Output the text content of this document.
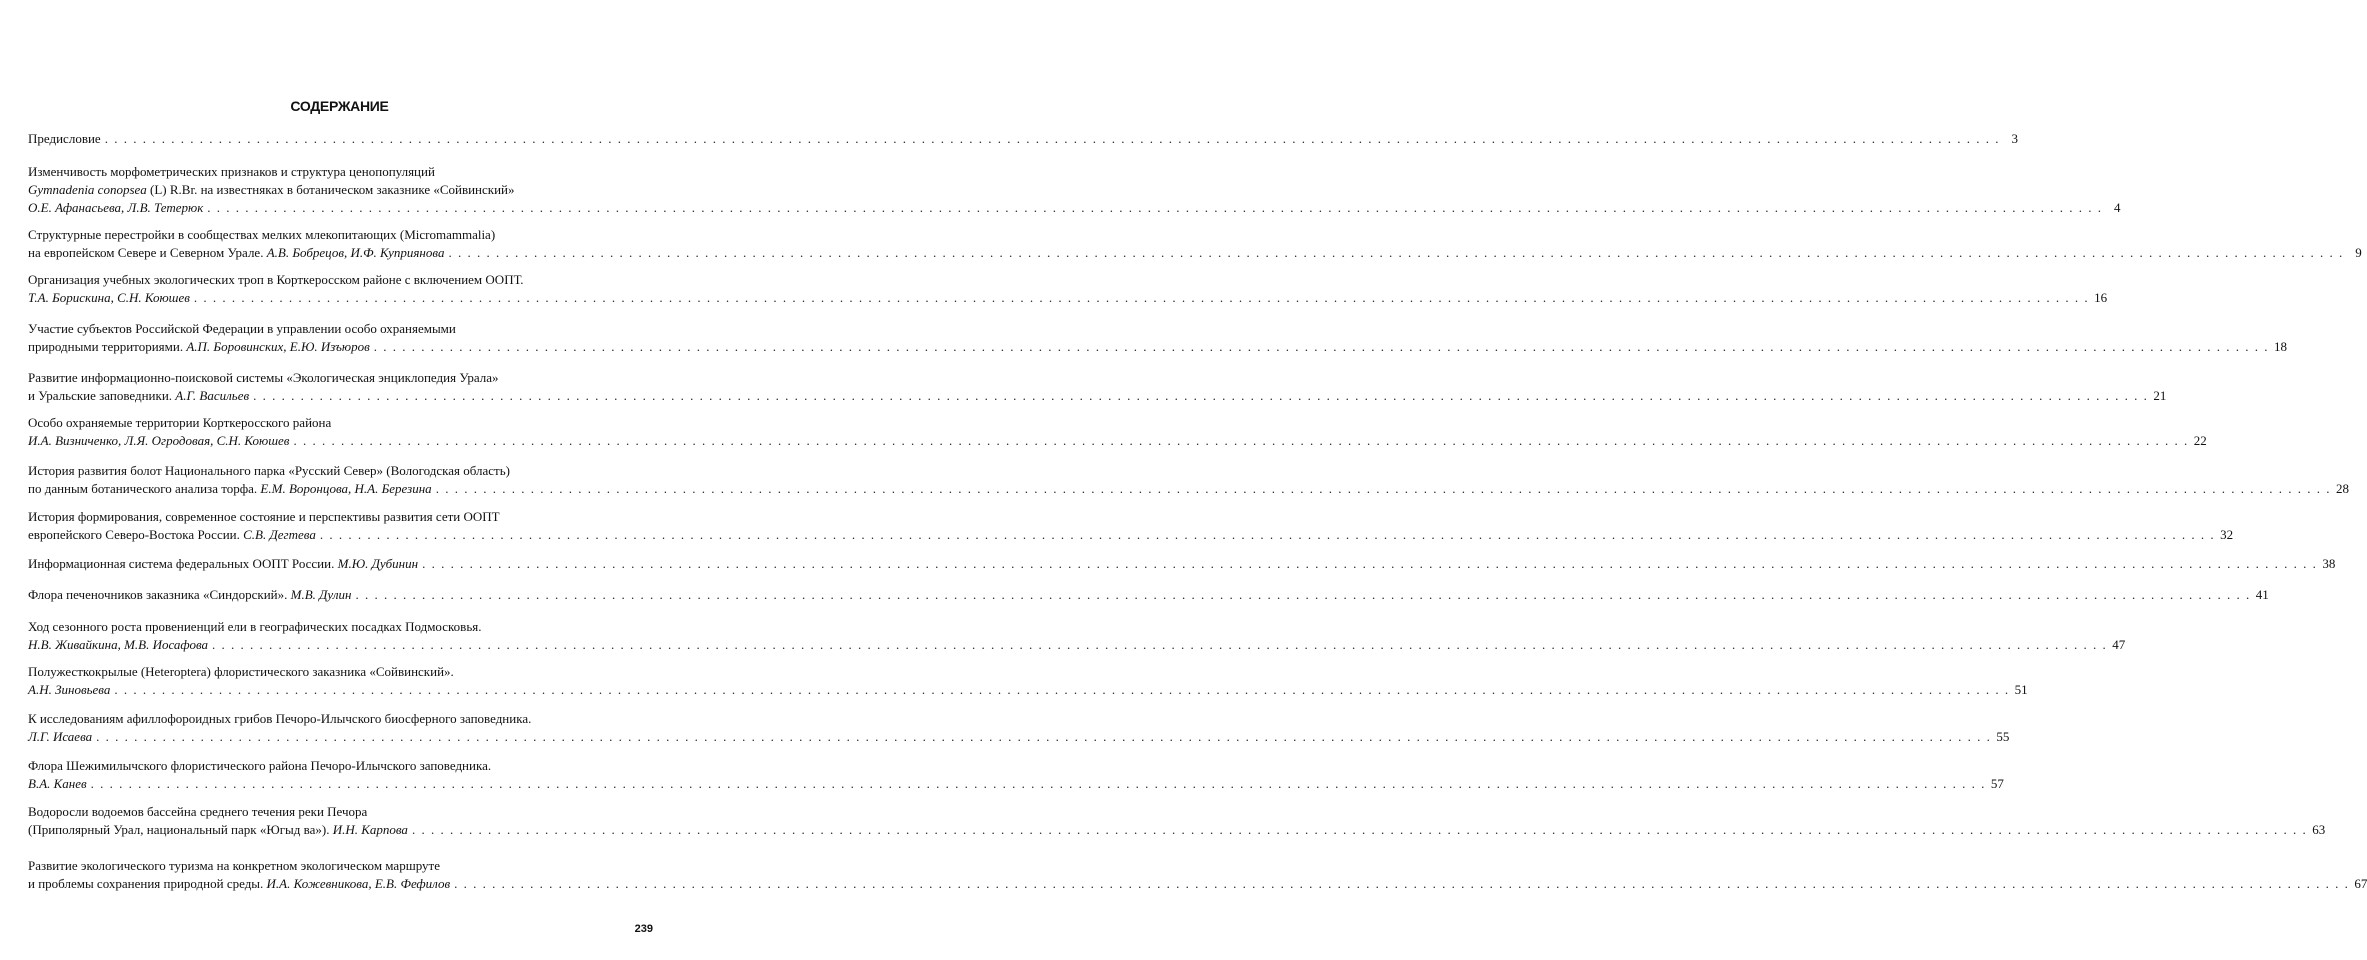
СОДЕРЖАНИЕ
Предисловие . . . . . . . . . . . . . . . . . . . . . . . . . . . . . . . . . . . . . . . . . . . . . . . . . . . . . . . . . . . . . . . . . . . . . . . . . . . . . . . . . . . . . . . . . . . . . . . . . . . . . . . . . . . . . . . . . . . . . . . . . . . . . . . . . . . . . . . . . . . . . . . . . . . . . . . . . . . . . . . . . . . . . . . . . . . . . . . . . . . . . . . . . . . . . . . . . . . . . . . . 3
Изменчивость морфометрических признаков и структура ценопопуляций
Gymnadenia conopsea (L) R.Br. на известняках в ботаническом заказнике «Сойвинский»
О.Е. Афанасьева, Л.В. Тетерюк . . . . . . . . . . . . . . . . . . . . . . . . . . . . . . . . . . . . . . . . . . . . . . . . . . . . . . . . . . . . . . . . . . . . . . . . . . . . . . . . . . . . . . . . . . . . . . . . . . . . . . . . . . . . . . . . . . . . . . . . . . . . . . . . . . . . . . . . . . . . . . . . . . . . . . . . . . . . . . . . . . . . . . . . . . . . . . . . . . . . . . . . . . . . . . . . . . . . . . . . 4
Структурные перестройки в сообществах мелких млекопитающих (Micromammalia)
на европейском Севере и Северном Урале. А.В. Бобрецов, И.Ф. Куприянова . . . . . . . . . . . . . . . . . . . . . . . . . . . . . . . . . . . . . . . . . . . . . . . . . . . . . . . . . . . . . . . . . . . . . . . . . . . . . . . . . . . . . . . . . . . . . . . . . . . . . . . . . . . . . . . . . . . . . . . . . . . . . . . . . . . . . . . . . . . . . . . . . . . . . . . . . . . . . . . . . . . . . . . . . . . . . . . . . . . . . . . . . . . . . . . . . . . . . . . . 9
Организация учебных экологических троп в Корткеросском районе с включением ООПТ.
Т.А. Борискина, С.Н. Коюшев . . . . . . . . . . . . . . . . . . . . . . . . . . . . . . . . . . . . . . . . . . . . . . . . . . . . . . . . . . . . . . . . . . . . . . . . . . . . . . . . . . . . . . . . . . . . . . . . . . . . . . . . . . . . . . . . . . . . . . . . . . . . . . . . . . . . . . . . . . . . . . . . . . . . . . . . . . . . . . . . . . . . . . . . . . . . . . . . . . . . . . . . . . . . . . . . . . . . . . . . 16
Участие субъектов Российской Федерации в управлении особо охраняемыми
природными территориями. А.П. Боровинских, Е.Ю. Изъюров . . . . . . . . . . . . . . . . . . . . . . . . . . . . . . . . . . . . . . . . . . . . . . . . . . . . . . . . . . . . . . . . . . . . . . . . . . . . . . . . . . . . . . . . . . . . . . . . . . . . . . . . . . . . . . . . . . . . . . . . . . . . . . . . . . . . . . . . . . . . . . . . . . . . . . . . . . . . . . . . . . . . . . . . . . . . . . . . . . . . . . . . . . . . . . . . . . . . . . . . 18
Развитие информационно-поисковой системы «Экологическая энциклопедия Урала»
и Уральские заповедники. А.Г. Васильев . . . . . . . . . . . . . . . . . . . . . . . . . . . . . . . . . . . . . . . . . . . . . . . . . . . . . . . . . . . . . . . . . . . . . . . . . . . . . . . . . . . . . . . . . . . . . . . . . . . . . . . . . . . . . . . . . . . . . . . . . . . . . . . . . . . . . . . . . . . . . . . . . . . . . . . . . . . . . . . . . . . . . . . . . . . . . . . . . . . . . . . . . . . . . . . . . . . . . . . . 21
Особо охраняемые территории Корткеросского района
И.А. Визниченко, Л.Я. Огродовая, С.Н. Коюшев . . . . . . . . . . . . . . . . . . . . . . . . . . . . . . . . . . . . . . . . . . . . . . . . . . . . . . . . . . . . . . . . . . . . . . . . . . . . . . . . . . . . . . . . . . . . . . . . . . . . . . . . . . . . . . . . . . . . . . . . . . . . . . . . . . . . . . . . . . . . . . . . . . . . . . . . . . . . . . . . . . . . . . . . . . . . . . . . . . . . . . . . . . . . . . . . . . . . . . . . 22
История развития болот Национального парка «Русский Север» (Вологодская область)
по данным ботанического анализа торфа. Е.М. Воронцова, Н.А. Березина . . . . . . . . . . . . . . . . . . . . . . . . . . . . . . . . . . . . . . . . . . . . . . . . . . . . . . . . . . . . . . . . . . . . . . . . . . . . . . . . . . . . . . . . . . . . . . . . . . . . . . . . . . . . . . . . . . . . . . . . . . . . . . . . . . . . . . . . . . . . . . . . . . . . . . . . . . . . . . . . . . . . . . . . . . . . . . . . . . . . . . . . . . . . . . . . . . . . . . . . 28
История формирования, современное состояние и перспективы развития сети ООПТ
европейского Северо-Востока России. С.В. Дегтева . . . . . . . . . . . . . . . . . . . . . . . . . . . . . . . . . . . . . . . . . . . . . . . . . . . . . . . . . . . . . . . . . . . . . . . . . . . . . . . . . . . . . . . . . . . . . . . . . . . . . . . . . . . . . . . . . . . . . . . . . . . . . . . . . . . . . . . . . . . . . . . . . . . . . . . . . . . . . . . . . . . . . . . . . . . . . . . . . . . . . . . . . . . . . . . . . . . . . . . . 32
Информационная система федеральных ООПТ России. М.Ю. Дубинин . . . . . . . . . . . . . . . . . . . . . . . . . . . . . . . . . . . . . . . . . . . . . . . . . . . . . . . . . . . . . . . . . . . . . . . . . . . . . . . . . . . . . . . . . . . . . . . . . . . . . . . . . . . . . . . . . . . . . . . . . . . . . . . . . . . . . . . . . . . . . . . . . . . . . . . . . . . . . . . . . . . . . . . . . . . . . . . . . . . . . . . . . . . . . . . . . . . . . . . . 38
Флора печеночников заказника «Синдорский». М.В. Дулин . . . . . . . . . . . . . . . . . . . . . . . . . . . . . . . . . . . . . . . . . . . . . . . . . . . . . . . . . . . . . . . . . . . . . . . . . . . . . . . . . . . . . . . . . . . . . . . . . . . . . . . . . . . . . . . . . . . . . . . . . . . . . . . . . . . . . . . . . . . . . . . . . . . . . . . . . . . . . . . . . . . . . . . . . . . . . . . . . . . . . . . . . . . . . . . . . . . . . . . . 41
Ход сезонного роста провениенций ели в географических посадках Подмосковья.
Н.В. Живайкина, М.В. Иосафова . . . . . . . . . . . . . . . . . . . . . . . . . . . . . . . . . . . . . . . . . . . . . . . . . . . . . . . . . . . . . . . . . . . . . . . . . . . . . . . . . . . . . . . . . . . . . . . . . . . . . . . . . . . . . . . . . . . . . . . . . . . . . . . . . . . . . . . . . . . . . . . . . . . . . . . . . . . . . . . . . . . . . . . . . . . . . . . . . . . . . . . . . . . . . . . . . . . . . . . . 47
Полужесткокрылые (Heteroptera) флористического заказника «Сойвинский».
А.Н. Зиновьева . . . . . . . . . . . . . . . . . . . . . . . . . . . . . . . . . . . . . . . . . . . . . . . . . . . . . . . . . . . . . . . . . . . . . . . . . . . . . . . . . . . . . . . . . . . . . . . . . . . . . . . . . . . . . . . . . . . . . . . . . . . . . . . . . . . . . . . . . . . . . . . . . . . . . . . . . . . . . . . . . . . . . . . . . . . . . . . . . . . . . . . . . . . . . . . . . . . . . . . . 51
К исследованиям афиллофороидных грибов Печоро-Илычского биосферного заповедника.
Л.Г. Исаева . . . . . . . . . . . . . . . . . . . . . . . . . . . . . . . . . . . . . . . . . . . . . . . . . . . . . . . . . . . . . . . . . . . . . . . . . . . . . . . . . . . . . . . . . . . . . . . . . . . . . . . . . . . . . . . . . . . . . . . . . . . . . . . . . . . . . . . . . . . . . . . . . . . . . . . . . . . . . . . . . . . . . . . . . . . . . . . . . . . . . . . . . . . . . . . . . . . . . . . . 55
Флора Шежимилычского флористического района Печоро-Илычского заповедника.
В.А. Канев . . . . . . . . . . . . . . . . . . . . . . . . . . . . . . . . . . . . . . . . . . . . . . . . . . . . . . . . . . . . . . . . . . . . . . . . . . . . . . . . . . . . . . . . . . . . . . . . . . . . . . . . . . . . . . . . . . . . . . . . . . . . . . . . . . . . . . . . . . . . . . . . . . . . . . . . . . . . . . . . . . . . . . . . . . . . . . . . . . . . . . . . . . . . . . . . . . . . . . . . 57
Водоросли водоемов бассейна среднего течения реки Печора
(Приполярный Урал, национальный парк «Югыд ва»). И.Н. Карпова . . . . . . . . . . . . . . . . . . . . . . . . . . . . . . . . . . . . . . . . . . . . . . . . . . . . . . . . . . . . . . . . . . . . . . . . . . . . . . . . . . . . . . . . . . . . . . . . . . . . . . . . . . . . . . . . . . . . . . . . . . . . . . . . . . . . . . . . . . . . . . . . . . . . . . . . . . . . . . . . . . . . . . . . . . . . . . . . . . . . . . . . . . . . . . . . . . . . . . . . 63
Развитие экологического туризма на конкретном экологическом маршруте
и проблемы сохранения природной среды. И.А. Кожевникова, Е.В. Фефилов . . . . . . . . . . . . . . . . . . . . . . . . . . . . . . . . . . . . . . . . . . . . . . . . . . . . . . . . . . . . . . . . . . . . . . . . . . . . . . . . . . . . . . . . . . . . . . . . . . . . . . . . . . . . . . . . . . . . . . . . . . . . . . . . . . . . . . . . . . . . . . . . . . . . . . . . . . . . . . . . . . . . . . . . . . . . . . . . . . . . . . . . . . . . . . . . . . . . . . . . 67
239
